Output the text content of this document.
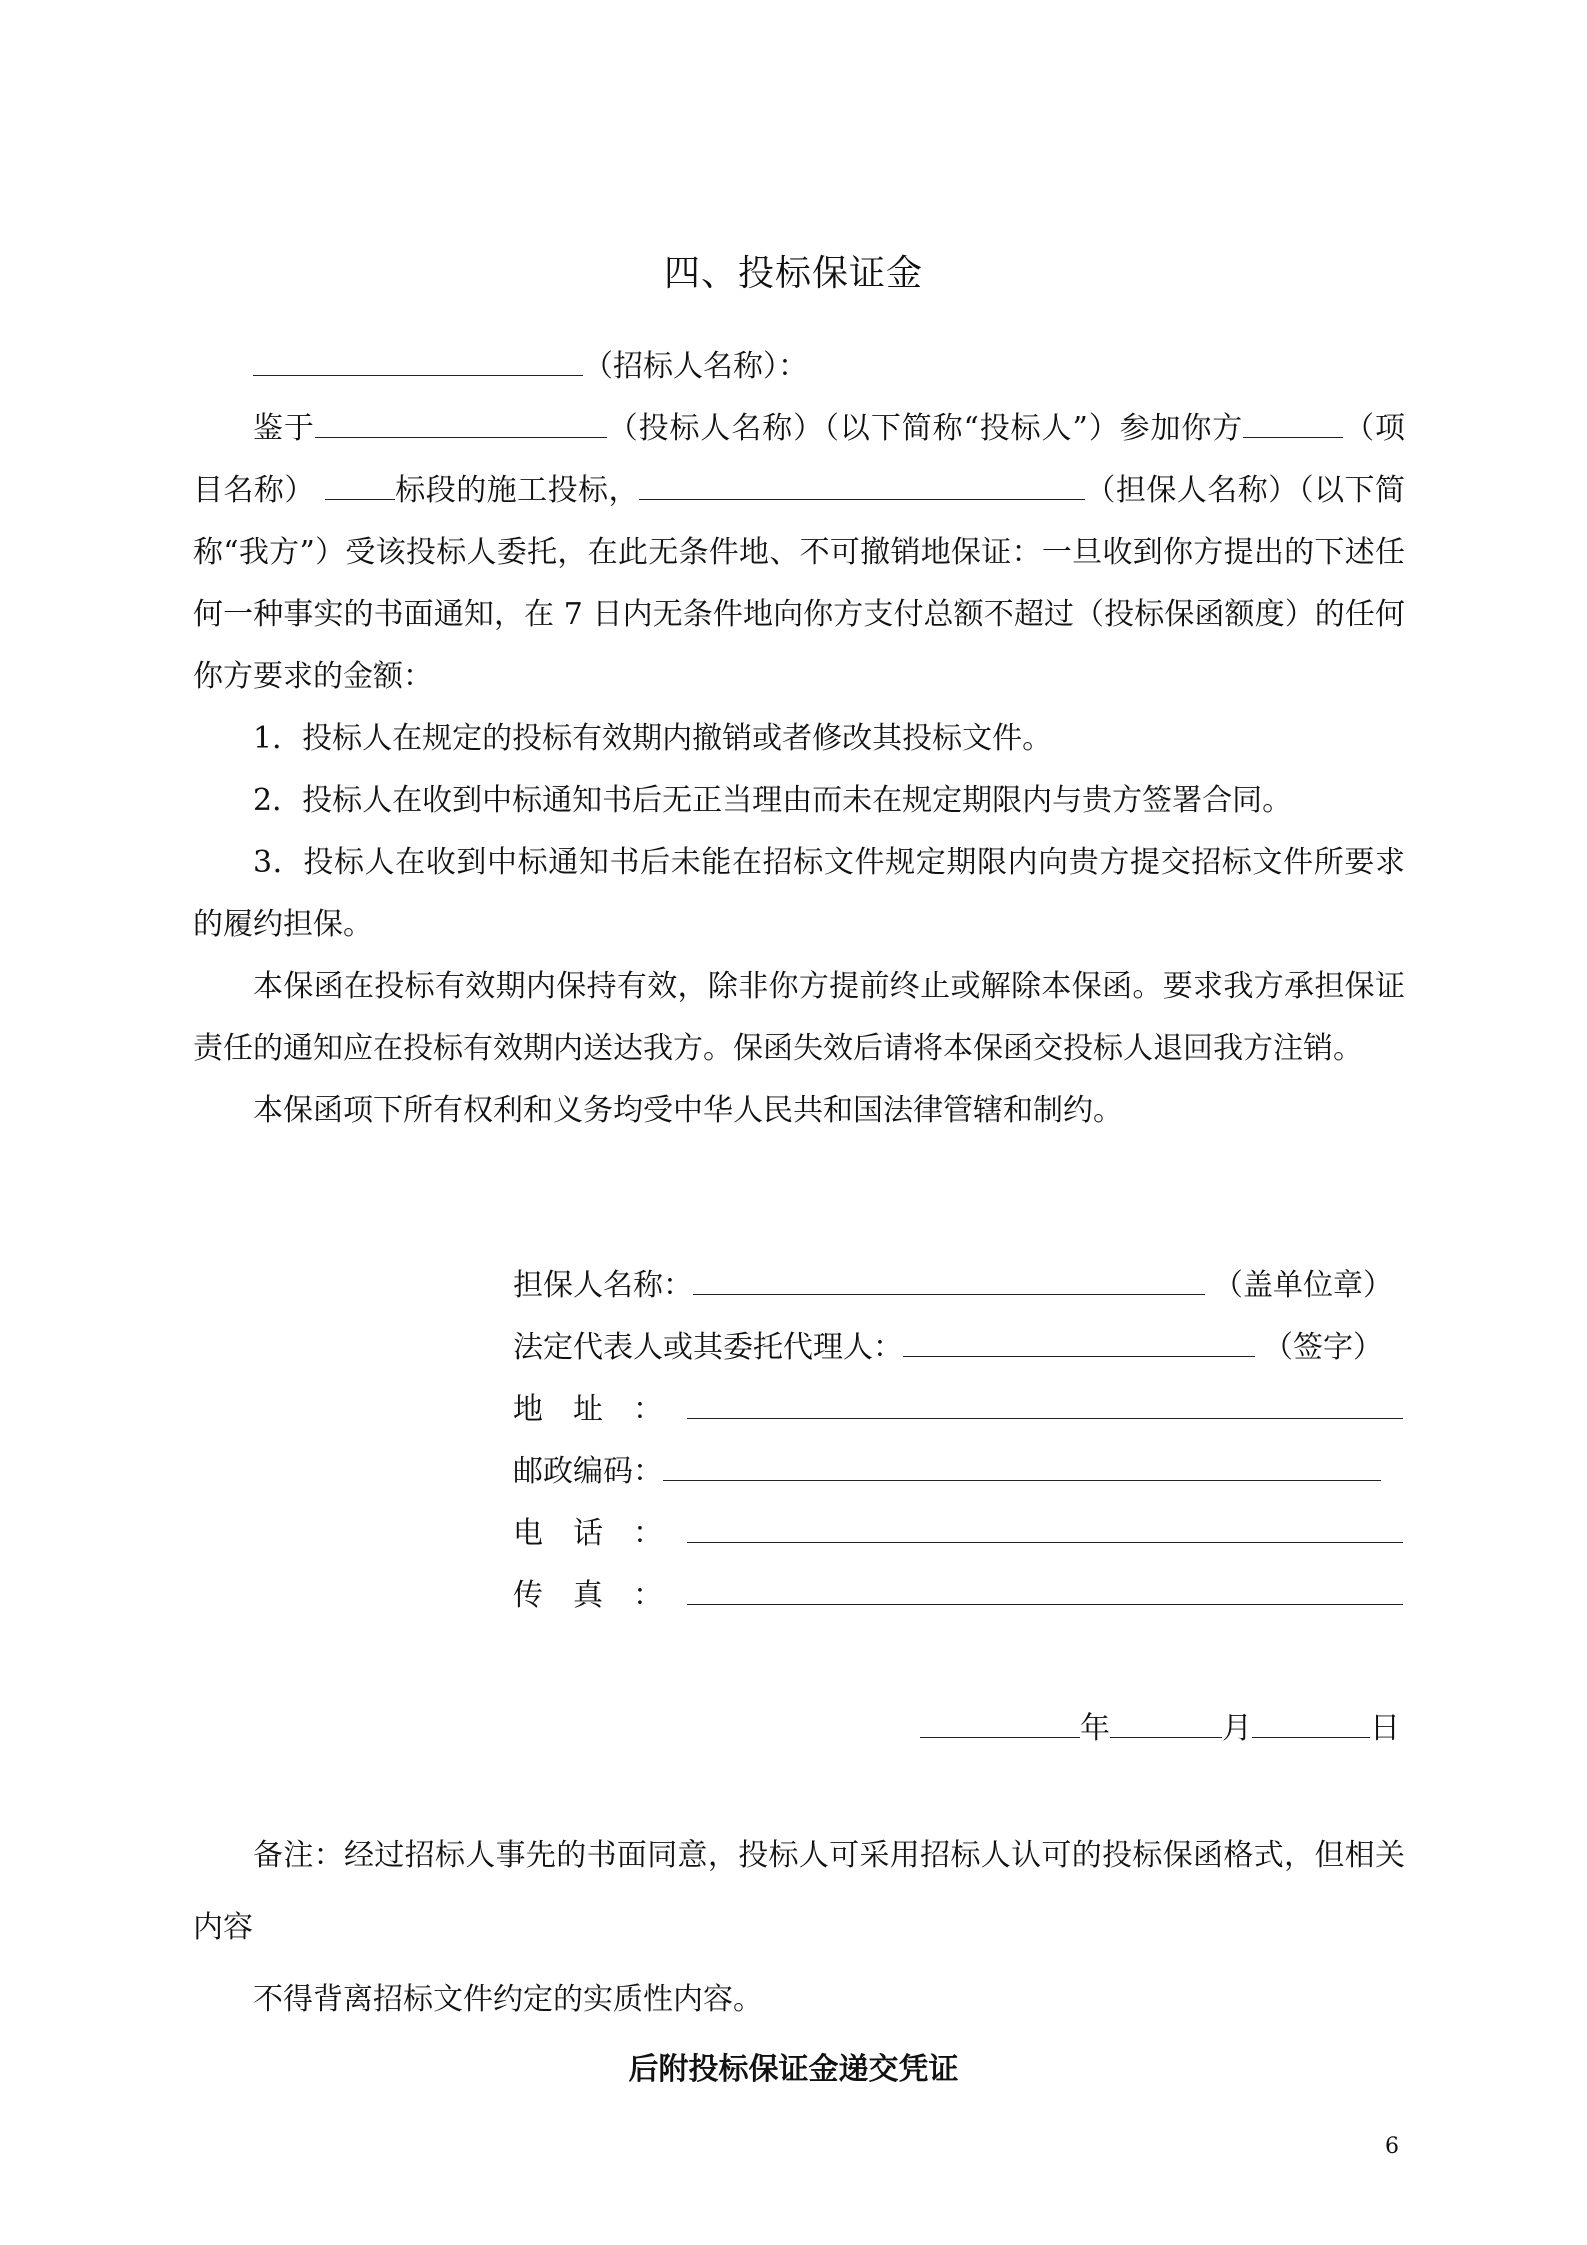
四、投标保证金

（招标人名称）：

鉴于	（投标人名称）（以下简称“投标人”）参加你方	（项目名称）	标段的施工投标，	（担保人名称）（以下简称“我方”）受该投标人委托，在此无条件地、不可撤销地保证：一旦收到你方提出的下述任何一种事实的书面通知，在 7 日内无条件地向你方支付总额不超过（投标保函额度）的任何你方要求的金额：

1．投标人在规定的投标有效期内撤销或者修改其投标文件。

2．投标人在收到中标通知书后无正当理由而未在规定期限内与贵方签署合同。

3．投标人在收到中标通知书后未能在招标文件规定期限内向贵方提交招标文件所要求的履约担保。

本保函在投标有效期内保持有效，除非你方提前终止或解除本保函。要求我方承担保证责任的通知应在投标有效期内送达我方。保函失效后请将本保函交投标人退回我方注销。

本保函项下所有权利和义务均受中华人民共和国法律管辖和制约。

担保人名称：	（盖单位章）
法定代表人或其委托代理人：	（签字）
地址：
邮政编码：
电话：
传真：
年	月	日

备注：经过招标人事先的书面同意，投标人可采用招标人认可的投标保函格式，但相关内容

不得背离招标文件约定的实质性内容。

后附投标保证金递交凭证
6
